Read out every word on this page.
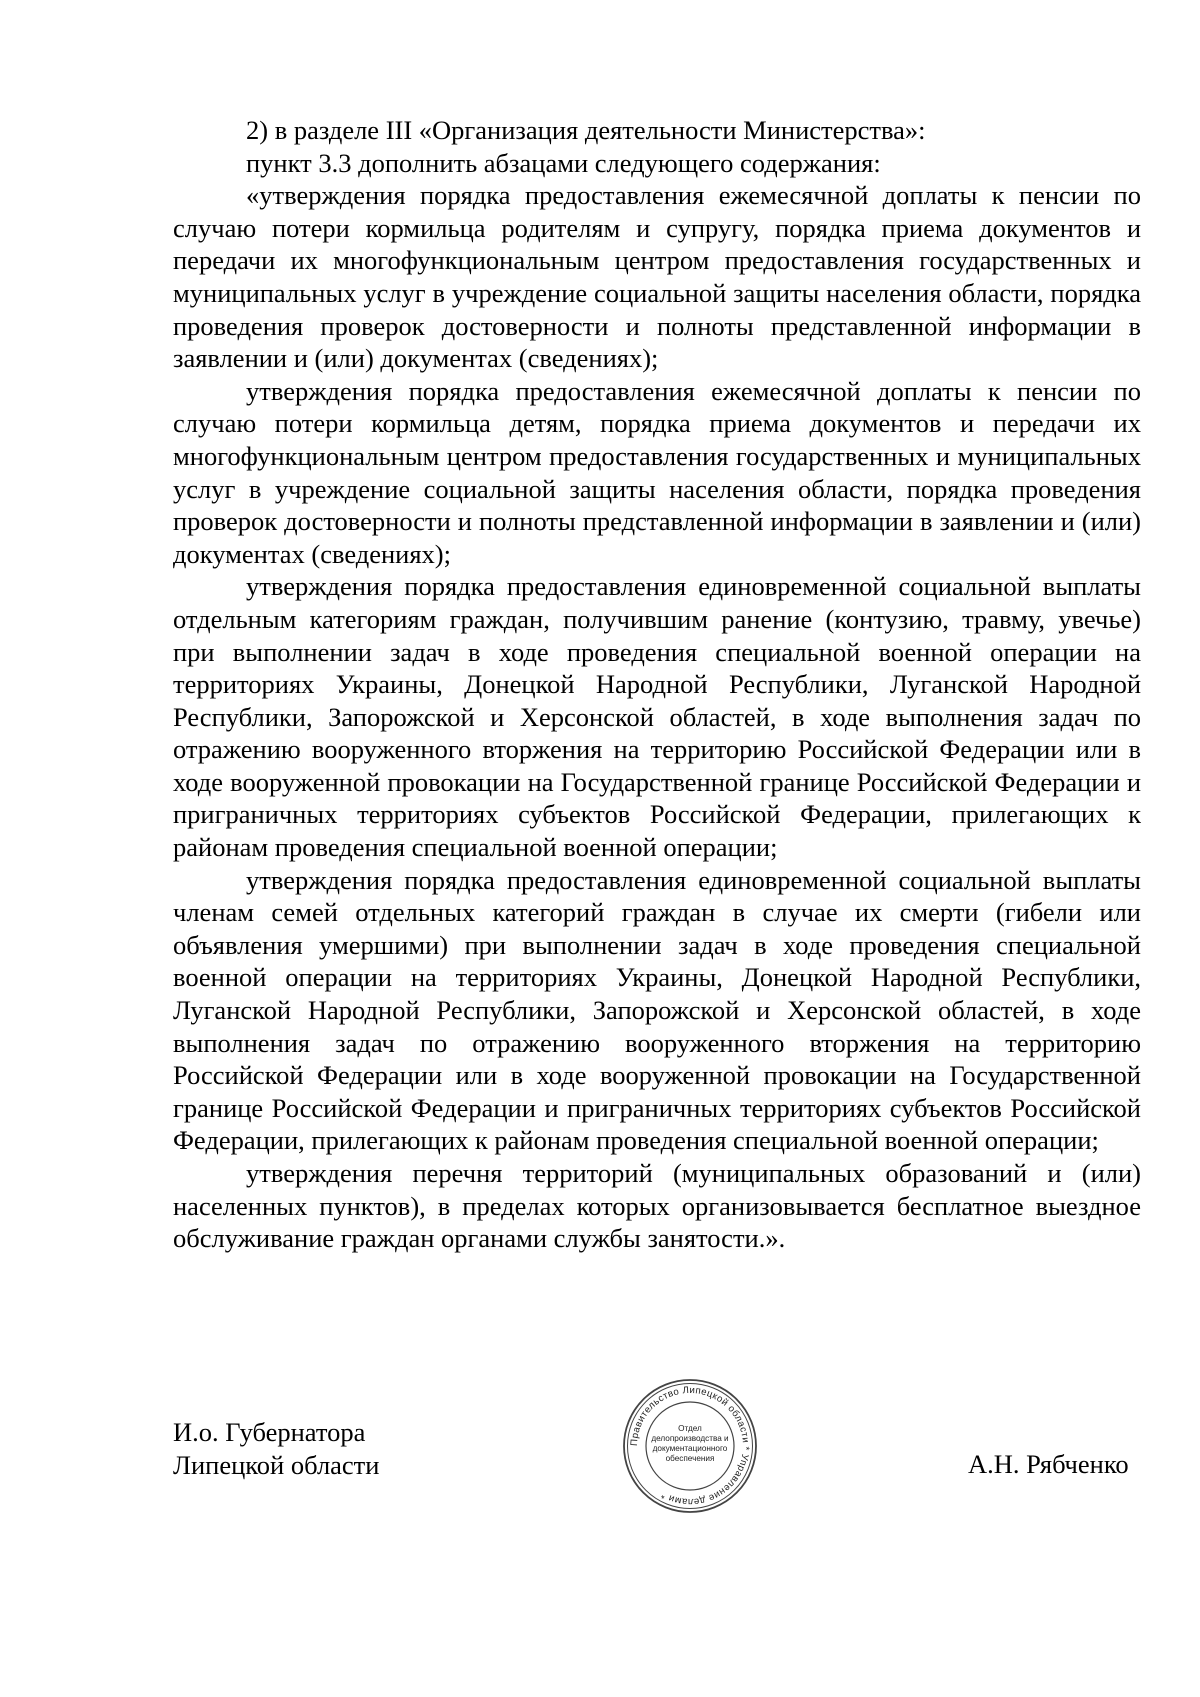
2) в разделе III «Организация деятельности Министерства»:

пункт 3.3 дополнить абзацами следующего содержания:

«утверждения порядка предоставления ежемесячной доплаты к пенсии по случаю потери кормильца родителям и супругу, порядка приема документов и передачи их многофункциональным центром предоставления государственных и муниципальных услуг в учреждение социальной защиты населения области, порядка проведения проверок достоверности и полноты представленной информации в заявлении и (или) документах (сведениях);

утверждения порядка предоставления ежемесячной доплаты к пенсии по случаю потери кормильца детям, порядка приема документов и передачи их многофункциональным центром предоставления государственных и муниципальных услуг в учреждение социальной защиты населения области, порядка проведения проверок достоверности и полноты представленной информации в заявлении и (или) документах (сведениях);

утверждения порядка предоставления единовременной социальной выплаты отдельным категориям граждан, получившим ранение (контузию, травму, увечье) при выполнении задач в ходе проведения специальной военной операции на территориях Украины, Донецкой Народной Республики, Луганской Народной Республики, Запорожской и Херсонской областей, в ходе выполнения задач по отражению вооруженного вторжения на территорию Российской Федерации или в ходе вооруженной провокации на Государственной границе Российской Федерации и приграничных территориях субъектов Российской Федерации, прилегающих к районам проведения специальной военной операции;

утверждения порядка предоставления единовременной социальной выплаты членам семей отдельных категорий граждан в случае их смерти (гибели или объявления умершими) при выполнении задач в ходе проведения специальной военной операции на территориях Украины, Донецкой Народной Республики, Луганской Народной Республики, Запорожской и Херсонской областей, в ходе выполнения задач по отражению вооруженного вторжения на территорию Российской Федерации или в ходе вооруженной провокации на Государственной границе Российской Федерации и приграничных территориях субъектов Российской Федерации, прилегающих к районам проведения специальной военной операции;

утверждения перечня территорий (муниципальных образований и (или) населенных пунктов), в пределах которых организовывается бесплатное выездное обслуживание граждан органами службы занятости.».

И.о. Губернатора
Липецкой области	А.Н. Рябченко
Правительство Липецкой области * Управление делами *
Отдел
делопроизводства и
документационного
обеспечения
